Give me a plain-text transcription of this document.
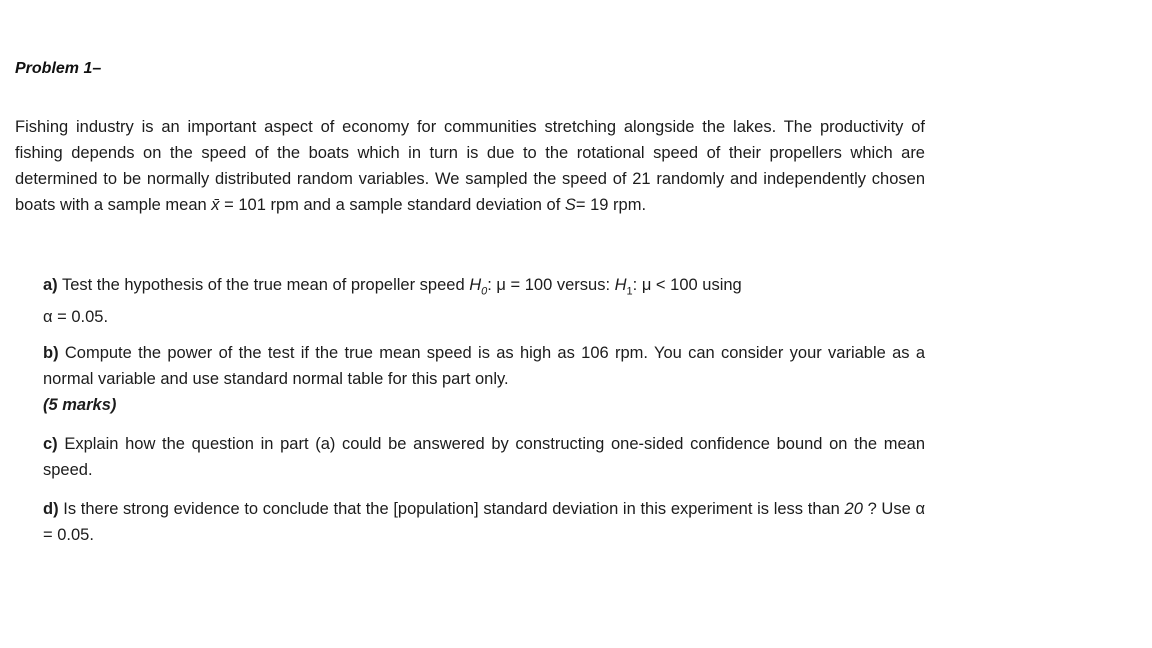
Problem 1–
Fishing industry is an important aspect of economy for communities stretching alongside the lakes. The productivity of fishing depends on the speed of the boats which in turn is due to the rotational speed of their propellers which are determined to be normally distributed random variables. We sampled the speed of 21 randomly and independently chosen boats with a sample mean x̄ = 101 rpm and a sample standard deviation of S= 19 rpm.
a) Test the hypothesis of the true mean of propeller speed $H_0$: μ = 100 versus: $H_1$: μ < 100 using
α = 0.05.
b) Compute the power of the test if the true mean speed is as high as 106 rpm. You can consider your variable as a normal variable and use standard normal table for this part only.
(5 marks)
c) Explain how the question in part (a) could be answered by constructing one-sided confidence bound on the mean speed.
d) Is there strong evidence to conclude that the [population] standard deviation in this experiment is less than 20 ? Use α = 0.05.
